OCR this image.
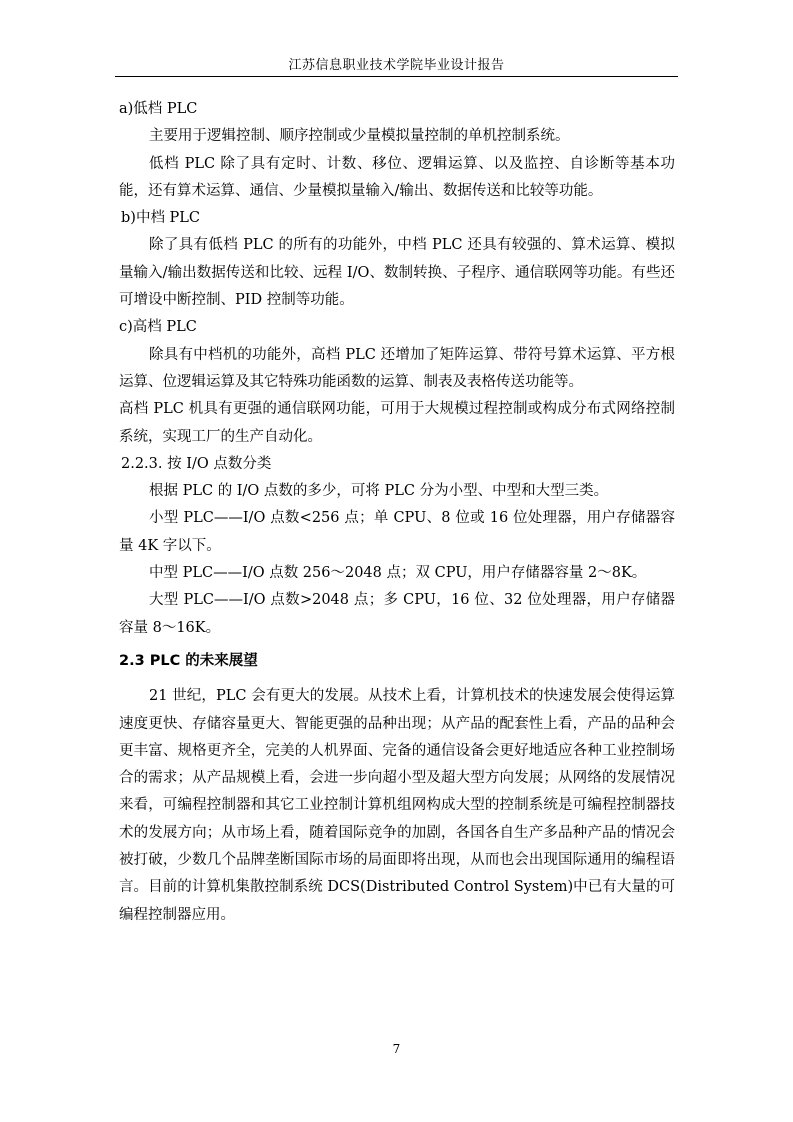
江苏信息职业技术学院毕业设计报告

a)低档 PLC

主要用于逻辑控制、顺序控制或少量模拟量控制的单机控制系统。

低档 PLC 除了具有定时、计数、移位、逻辑运算、以及监控、自诊断等基本功能，还有算术运算、通信、少量模拟量输入/输出、数据传送和比较等功能。

b)中档 PLC

除了具有低档 PLC 的所有的功能外，中档 PLC 还具有较强的、算术运算、模拟量输入/输出数据传送和比较、远程 I/O、数制转换、子程序、通信联网等功能。有些还可增设中断控制、PID 控制等功能。

c)高档 PLC

除具有中档机的功能外，高档 PLC 还增加了矩阵运算、带符号算术运算、平方根运算、位逻辑运算及其它特殊功能函数的运算、制表及表格传送功能等。

高档 PLC 机具有更强的通信联网功能，可用于大规模过程控制或构成分布式网络控制系统，实现工厂的生产自动化。

2.2.3. 按 I/O 点数分类

根据 PLC 的 I/O 点数的多少，可将 PLC 分为小型、中型和大型三类。

小型 PLC——I/O 点数<256 点；单 CPU、8 位或 16 位处理器，用户存储器容量 4K 字以下。

中型 PLC——I/O 点数 256～2048 点；双 CPU，用户存储器容量 2～8K。

大型 PLC——I/O 点数>2048 点；多 CPU，16 位、32 位处理器，用户存储器容量 8～16K。

2.3 PLC 的未来展望

21 世纪，PLC 会有更大的发展。从技术上看，计算机技术的快速发展会使得运算速度更快、存储容量更大、智能更强的品种出现；从产品的配套性上看，产品的品种会更丰富、规格更齐全，完美的人机界面、完备的通信设备会更好地适应各种工业控制场合的需求；从产品规模上看，会进一步向超小型及超大型方向发展；从网络的发展情况来看，可编程控制器和其它工业控制计算机组网构成大型的控制系统是可编程控制器技术的发展方向；从市场上看，随着国际竞争的加剧，各国各自生产多品种产品的情况会被打破，少数几个品牌垄断国际市场的局面即将出现，从而也会出现国际通用的编程语言。目前的计算机集散控制系统 DCS(Distributed Control System)中已有大量的可编程控制器应用。

7
